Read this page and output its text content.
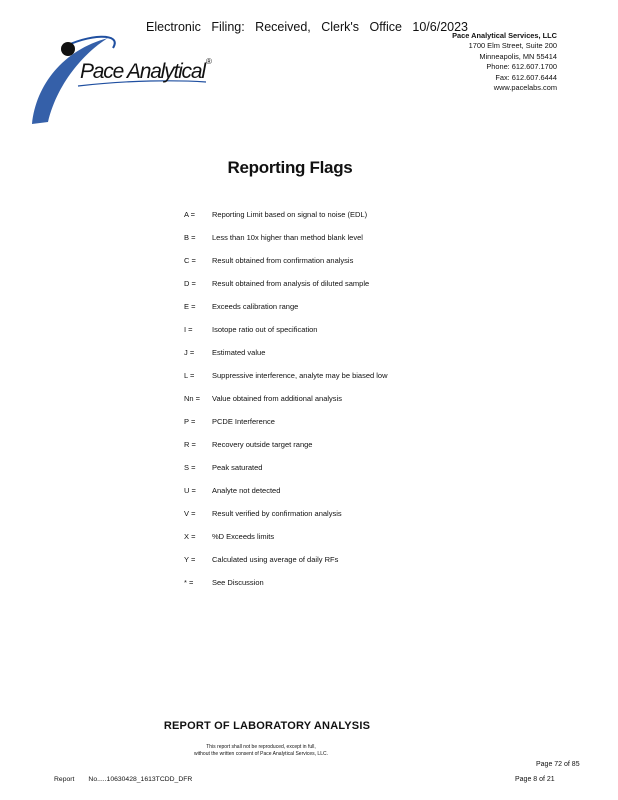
Electronic Filing: Received, Clerk's Office 10/6/2023
Pace Analytical ®
Pace Analytical Services, LLC
1700 Elm Street, Suite 200
Minneapolis, MN 55414
Phone: 612.607.1700
Fax: 612.607.6444
www.pacelabs.com
Reporting Flags
A =	Reporting Limit based on signal to noise (EDL)
B =	Less than 10x higher than method blank level
C =	Result obtained from confirmation analysis
D =	Result obtained from analysis of diluted sample
E =	Exceeds calibration range
I =	Isotope ratio out of specification
J =	Estimated value
L =	Suppressive interference, analyte may be biased low
Nn =	Value obtained from additional analysis
P =	PCDE Interference
R =	Recovery outside target range
S =	Peak saturated
U =	Analyte not detected
V =	Result verified by confirmation analysis
X =	%D Exceeds limits
Y =	Calculated using average of daily RFs
* =	See Discussion
REPORT OF LABORATORY ANALYSIS
This report shall not be reproduced, except in full,
without the written consent of Pace Analytical Services, LLC.
Page 72 of 85
Report No.....10630428_1613TCDD_DFR	Page 8 of 21
